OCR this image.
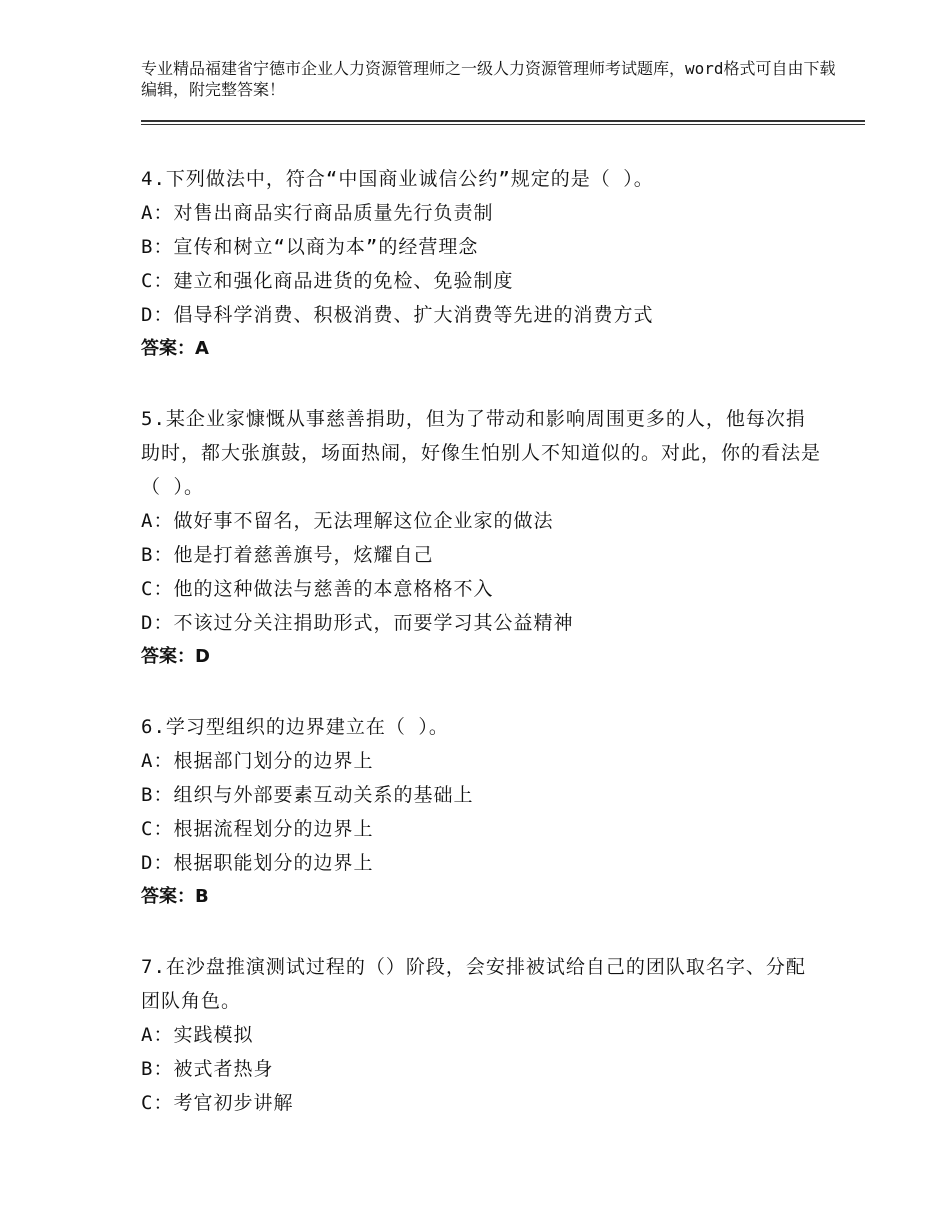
专业精品福建省宁德市企业人力资源管理师之一级人力资源管理师考试题库，word格式可自由下载编辑，附完整答案！
4.下列做法中，符合“中国商业诚信公约”规定的是（ ）。
A：对售出商品实行商品质量先行负责制
B：宣传和树立“以商为本”的经营理念
C：建立和强化商品进货的免检、免验制度
D：倡导科学消费、积极消费、扩大消费等先进的消费方式
答案：A
5.某企业家慷慨从事慈善捐助，但为了带动和影响周围更多的人，他每次捐助时，都大张旗鼓，场面热闹，好像生怕别人不知道似的。对此，你的看法是（ ）。
A：做好事不留名，无法理解这位企业家的做法
B：他是打着慈善旗号，炫耀自己
C：他的这种做法与慈善的本意格格不入
D：不该过分关注捐助形式，而要学习其公益精神
答案：D
6.学习型组织的边界建立在（ ）。
A：根据部门划分的边界上
B：组织与外部要素互动关系的基础上
C：根据流程划分的边界上
D：根据职能划分的边界上
答案：B
7.在沙盘推演测试过程的（）阶段，会安排被试给自己的团队取名字、分配团队角色。
A：实践模拟
B：被式者热身
C：考官初步讲解
